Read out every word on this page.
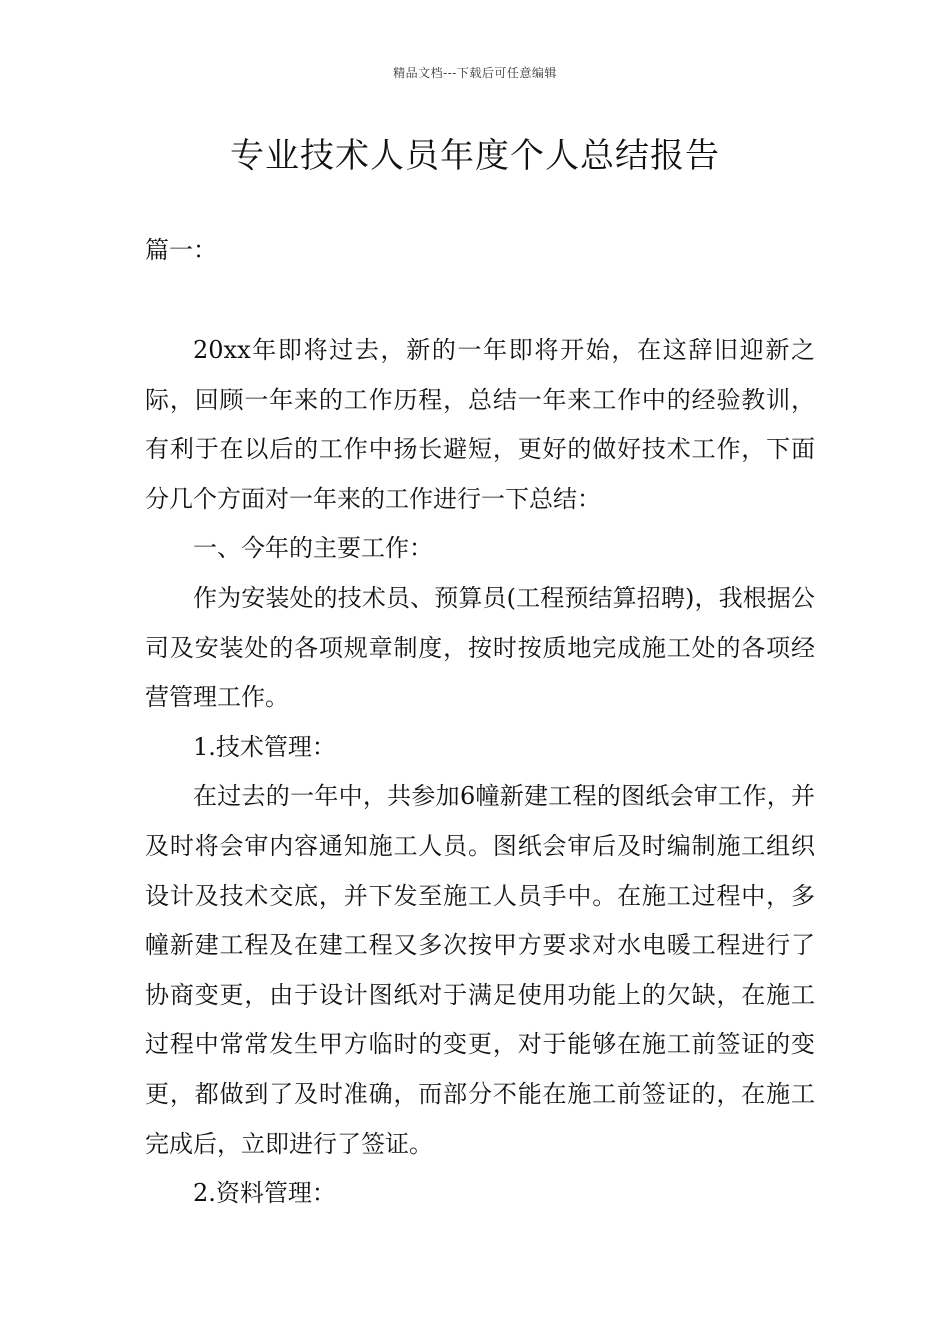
精品文档---下载后可任意编辑
专业技术人员年度个人总结报告
篇一：

20xx年即将过去，新的一年即将开始，在这辞旧迎新之际，回顾一年来的工作历程，总结一年来工作中的经验教训，有利于在以后的工作中扬长避短，更好的做好技术工作，下面分几个方面对一年来的工作进行一下总结：

一、今年的主要工作：

作为安装处的技术员、预算员(工程预结算招聘)，我根据公司及安装处的各项规章制度，按时按质地完成施工处的各项经营管理工作。

1.技术管理：

在过去的一年中，共参加6幢新建工程的图纸会审工作，并及时将会审内容通知施工人员。图纸会审后及时编制施工组织设计及技术交底，并下发至施工人员手中。在施工过程中，多幢新建工程及在建工程又多次按甲方要求对水电暖工程进行了协商变更，由于设计图纸对于满足使用功能上的欠缺，在施工过程中常常发生甲方临时的变更，对于能够在施工前签证的变更，都做到了及时准确，而部分不能在施工前签证的，在施工完成后，立即进行了签证。

2.资料管理：
